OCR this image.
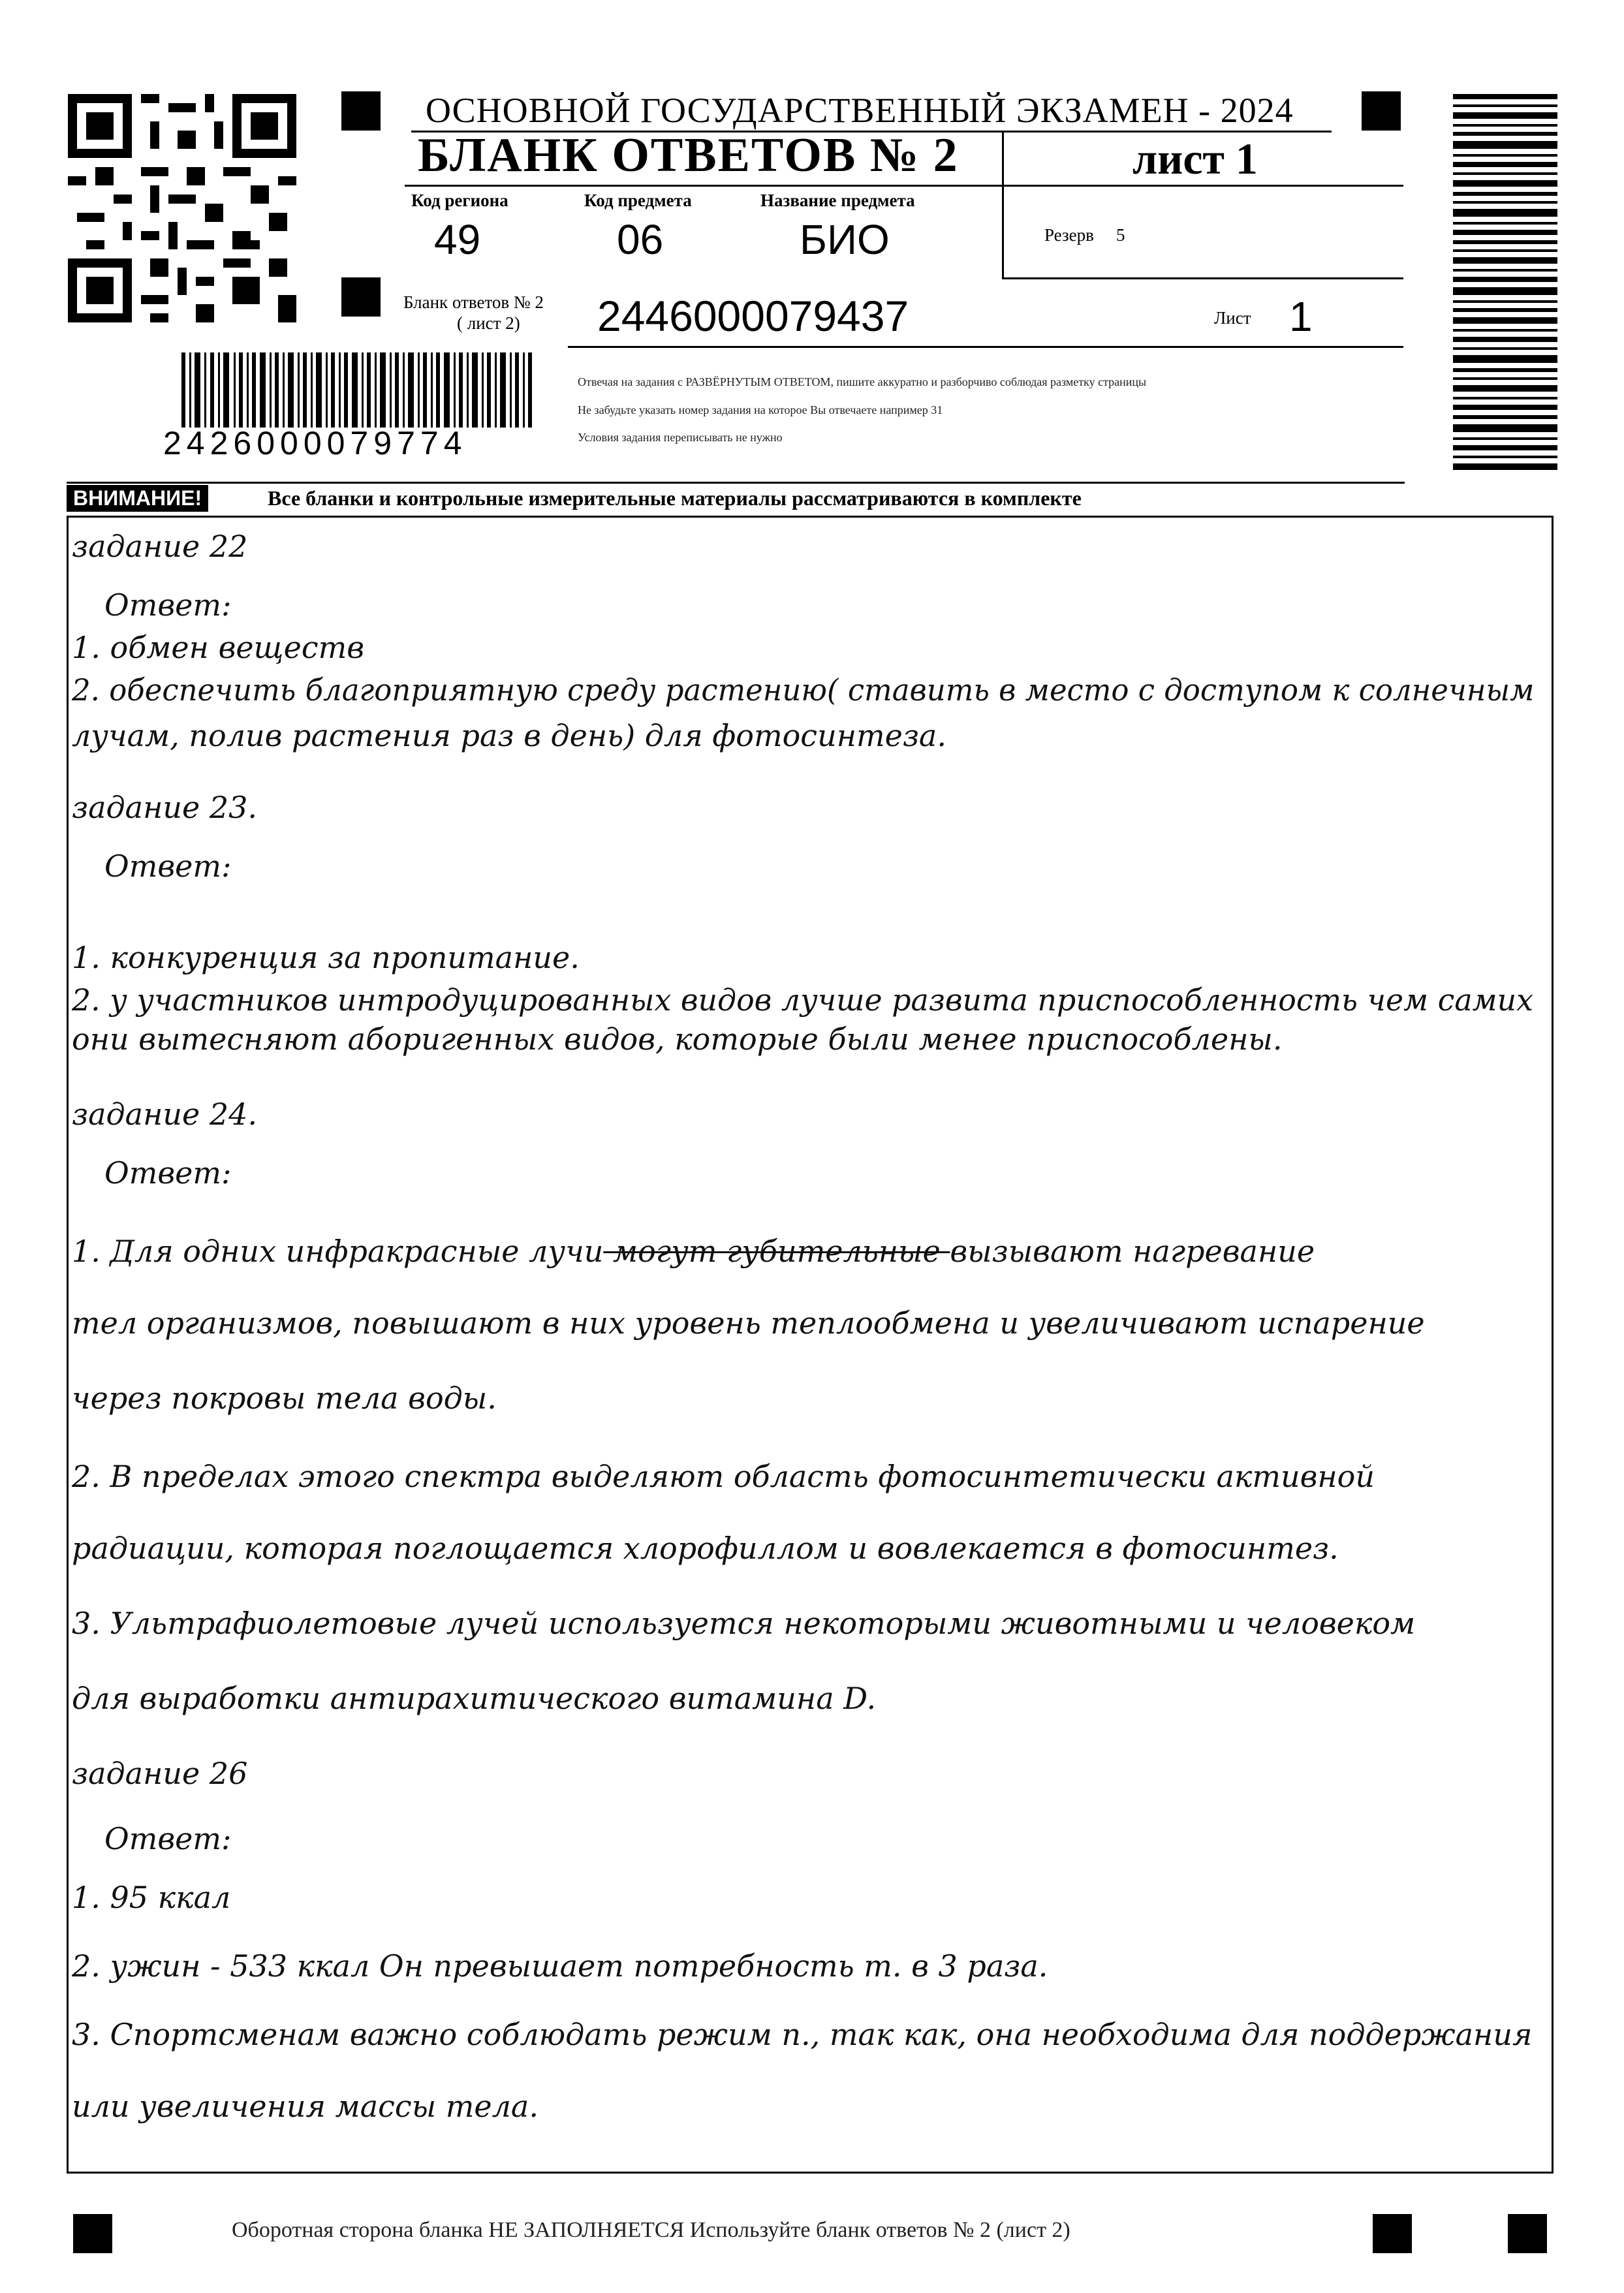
ОСНОВНОЙ ГОСУДАРСТВЕННЫЙ ЭКЗАМЕН - 2024
БЛАНК ОТВЕТОВ № 2	лист 1
Код региона
49
Код предмета
06
Название предмета
БИО	Резерв 5
Бланк ответов № 2
( лист 2) 2446000079437	Лист 1
Отвечая на задания с РАЗВЁРНУТЫМ ОТВЕТОМ, пишите аккуратно и разборчиво соблюдая разметку страницы
Не забудьте указать номер задания на которое Вы отвечаете например 31
Условия задания переписывать не нужно
2426000079774
ВНИМАНИЕ!	Все бланки и контрольные измерительные материалы рассматриваются в комплекте
задание 22
Ответ:
1. обмен веществ
2. обеспечить благоприятную среду растению( ставить в место с доступом к солнечным
лучам, полив растения раз в день) для фотосинтеза.
задание 23.
Ответ:
1. конкуренция за пропитание.
2. у участников интродуцированных видов лучше развита приспособленность чем самих
они вытесняют аборигенных видов, которые были менее приспособлены.
задание 24.
Ответ:
1. Для одних инфракрасные лучи могут губительные вызывают нагревание
тел организмов, повышают в них уровень теплообмена и увеличивают испарение
через покровы тела воды.
2. В пределах этого спектра выделяют область фотосинтетически активной
радиации, которая поглощается хлорофиллом и вовлекается в фотосинтез.
3. Ультрафиолетовые лучей используется некоторыми животными и человеком
для выработки антирахитического витамина D.
задание 26
Ответ:
1. 95 ккал
2. ужин - 533 ккал Он превышает потребность т. в 3 раза.
3. Спортсменам важно соблюдать режим п., так как, она необходима для поддержания
или увеличения массы тела.
Оборотная сторона бланка НЕ ЗАПОЛНЯЕТСЯ Используйте бланк ответов № 2 (лист 2)
